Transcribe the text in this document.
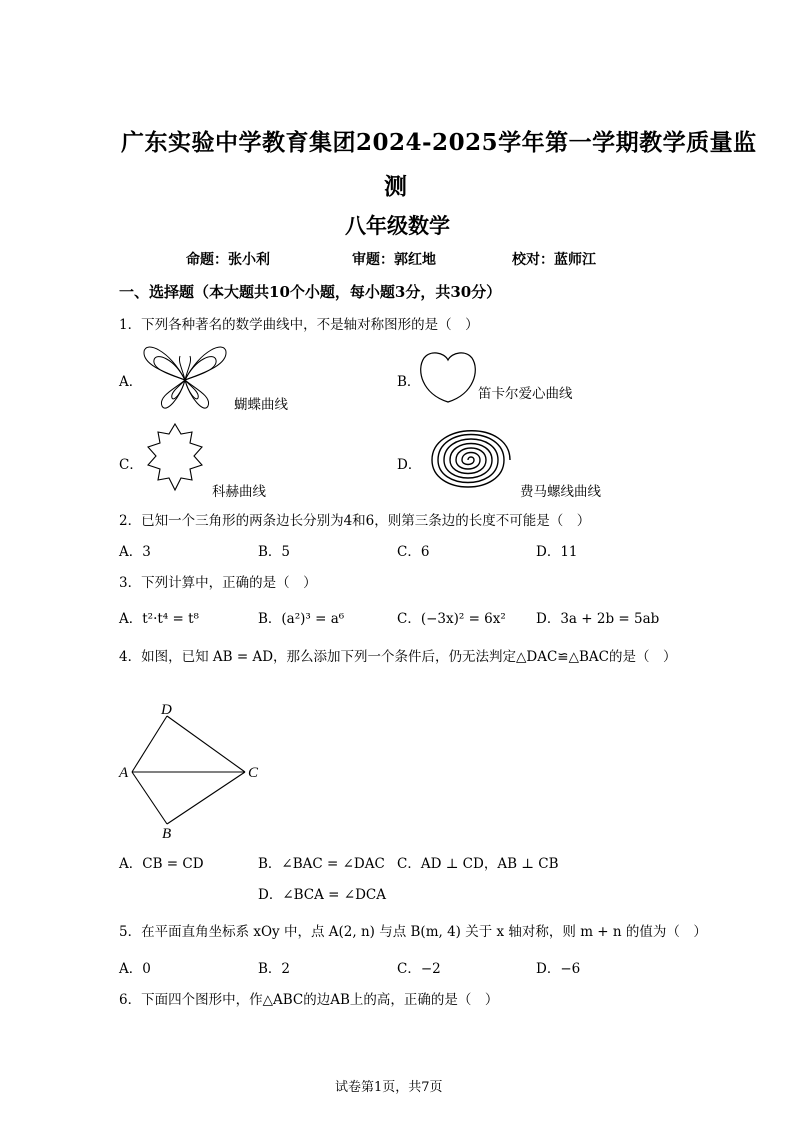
广东实验中学教育集团2024-2025学年第一学期教学质量监
测
八年级数学
命题：张小利	审题：郭红地	校对：蓝师江
一、选择题（本大题共10个小题，每小题3分，共30分）
1．下列各种著名的数学曲线中，不是轴对称图形的是（　）
A．
蝴蝶曲线
B．
笛卡尔爱心曲线
C．
科赫曲线
D．
费马螺线曲线
2．已知一个三角形的两条边长分别为4和6，则第三条边的长度不可能是（　）
A．3	B．5	C．6	D．11
3．下列计算中，正确的是（　）
A．t²·t⁴ = t⁸	B．(a²)³ = a⁶	C．(−3x)² = 6x² D．3a + 2b = 5ab
4．如图，已知 AB = AD，那么添加下列一个条件后，仍无法判定△DAC≌△BAC的是（　）
D
A	C
B
A．CB = CD	B．∠BAC = ∠DAC C．AD ⊥ CD，AB ⊥ CB
D．∠BCA = ∠DCA
5．在平面直角坐标系 xOy 中，点 A(2, n) 与点 B(m, 4) 关于 x 轴对称，则 m + n 的值为（　）
A．0	B．2	C．−2	D．−6
6．下面四个图形中，作△ABC的边AB上的高，正确的是（　）
试卷第1页，共7页
